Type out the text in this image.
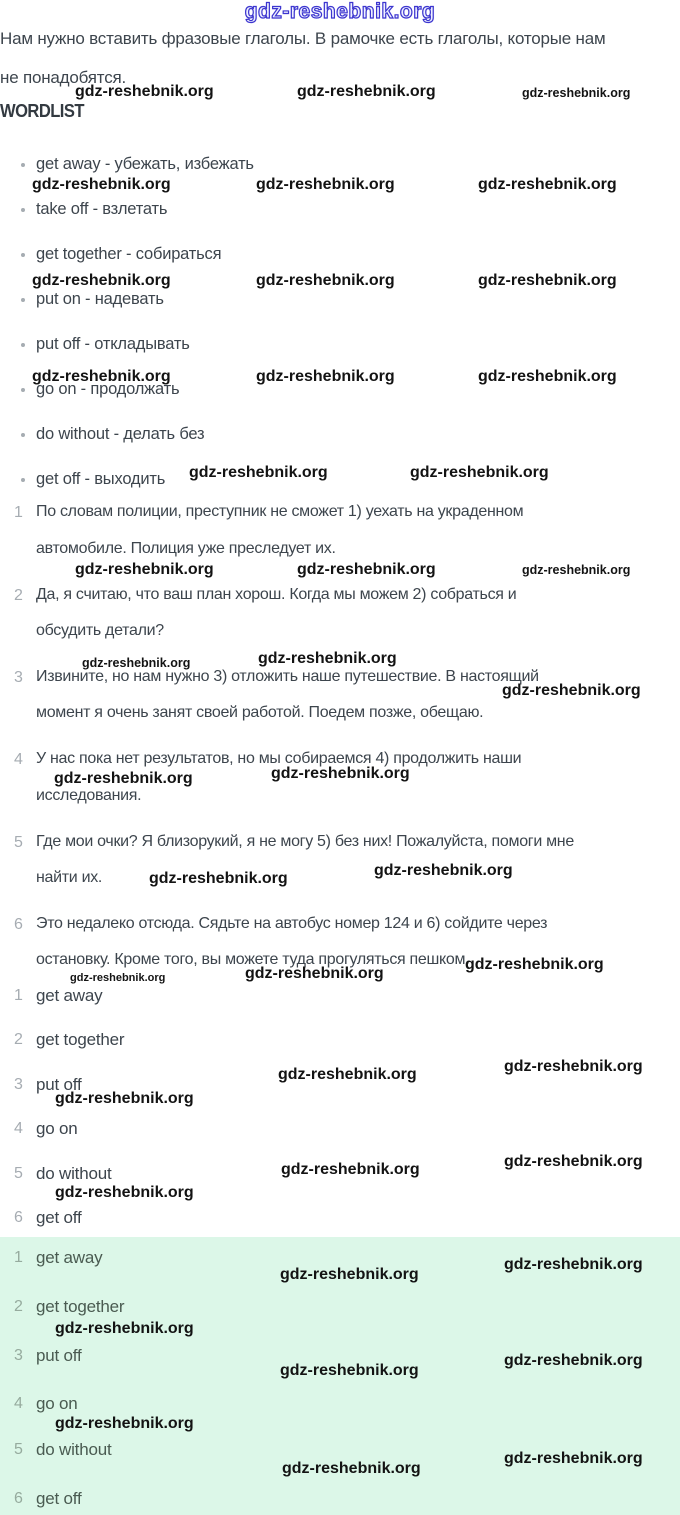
gdz-reshebnik.org
Нам нужно вставить фразовые глаголы. В рамочке есть глаголы, которые нам
не понадобятся.
WORDLIST
get away - убежать, избежать
take off - взлетать
get together - собираться
put on - надевать
put off - откладывать
go on - продолжать
do without - делать без
get off - выходить
1 По словам полиции, преступник не сможет 1) уехать на украденном
автомобиле. Полиция уже преследует их.
2 Да, я считаю, что ваш план хорош. Когда мы можем 2) собраться и
обсудить детали?
3 Извините, но нам нужно 3) отложить наше путешествие. В настоящий
момент я очень занят своей работой. Поедем позже, обещаю.
4 У нас пока нет результатов, но мы собираемся 4) продолжить наши
исследования.
5 Где мои очки? Я близорукий, я не могу 5) без них! Пожалуйста, помоги мне
найти их.
6 Это недалеко отсюда. Сядьте на автобус номер 124 и 6) сойдите через
остановку. Кроме того, вы можете туда прогуляться пешком.
1 get away
2 get together
3 put off
4 go on
5 do without
6 get off
1 get away
2 get together
3 put off
4 go on
5 do without
6 get off
gdz-reshebnik.org	gdz-reshebnik.org	gdz-reshebnik.org
gdz-reshebnik.org	gdz-reshebnik.org	gdz-reshebnik.org
gdz-reshebnik.org	gdz-reshebnik.org	gdz-reshebnik.org
gdz-reshebnik.org	gdz-reshebnik.org	gdz-reshebnik.org
gdz-reshebnik.org	gdz-reshebnik.org
gdz-reshebnik.org	gdz-reshebnik.org	gdz-reshebnik.org
gdz-reshebnik.org	gdz-reshebnik.org
gdz-reshebnik.org
gdz-reshebnik.org	gdz-reshebnik.org
gdz-reshebnik.org	gdz-reshebnik.org
gdz-reshebnik.org
gdz-reshebnik.org
gdz-reshebnik.org
gdz-reshebnik.org
gdz-reshebnik.org
gdz-reshebnik.org
gdz-reshebnik.org
gdz-reshebnik.org
gdz-reshebnik.org
gdz-reshebnik.org
gdz-reshebnik.org
gdz-reshebnik.org
gdz-reshebnik.org
gdz-reshebnik.org
gdz-reshebnik.org
gdz-reshebnik.org
gdz-reshebnik.org
